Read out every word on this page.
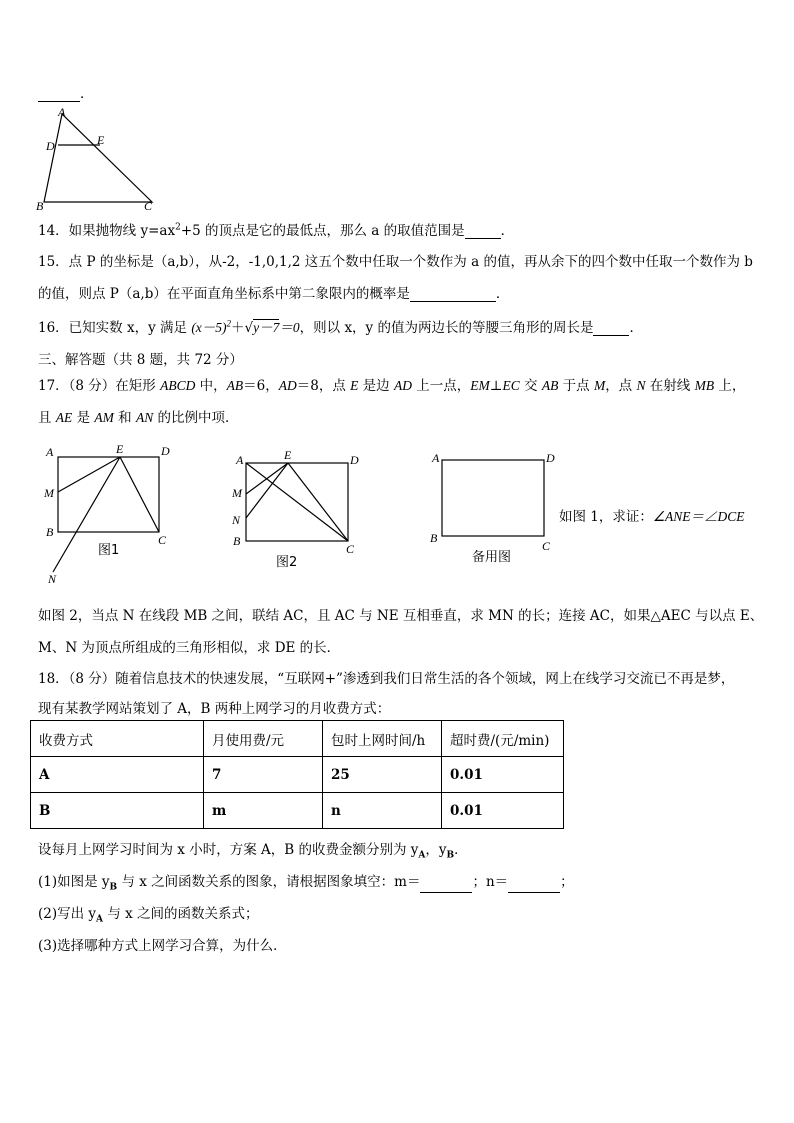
．
A
D	E
B	C
14．如果抛物线 $y=ax^2+5$ 的顶点是它的最低点，那么 a 的取值范围是	．
15．点 P 的坐标是（a,b），从-2，-1,0,1,2 这五个数中任取一个数作为 a 的值，再从余下的四个数中任取一个数作为 b
的值，则点 P（a,b）在平面直角坐标系中第二象限内的概率是	．
16．已知实数 x，y 满足 $(x-5)^2+√y-7=0$，则以 x，y 的值为两边长的等腰三角形的周长是	．
三、解答题（共 8 题，共 72 分）
17．（8 分）在矩形 ABCD 中，AB＝6，AD＝8，点 E 是边 AD 上一点，EM⊥EC 交 AB 于点 M，点 N 在射线 MB 上，
且 AE 是 AM 和 AN 的比例中项．
A	E	D
M
B
C
N
图1
A	E	D
M
N
B
C
图2
A	D
B
C
备用图
如图 1，求证：∠ANE＝∠DCE
如图 2，当点 N 在线段 MB 之间，联结 AC，且 AC 与 NE 互相垂直，求 MN 的长；连接 AC，如果△AEC 与以点 E、
M、N 为顶点所组成的三角形相似，求 DE 的长．
18．（8 分）随着信息技术的快速发展，“互联网+”渗透到我们日常生活的各个领域，网上在线学习交流已不再是梦，
现有某教学网站策划了 A，B 两种上网学习的月收费方式：
收费方式	月使用费/元	包时上网时间/h	超时费/(元/min)
A	7	25	0.01
B	m	n	0.01
设每月上网学习时间为 x 小时，方案 A，B 的收费金额分别为 $y_A$，$y_B$．
(1)如图是 $y_B$ 与 x 之间函数关系的图象，请根据图象填空：m＝	；n＝	；
(2)写出 $y_A$ 与 x 之间的函数关系式；
(3)选择哪种方式上网学习合算，为什么．
